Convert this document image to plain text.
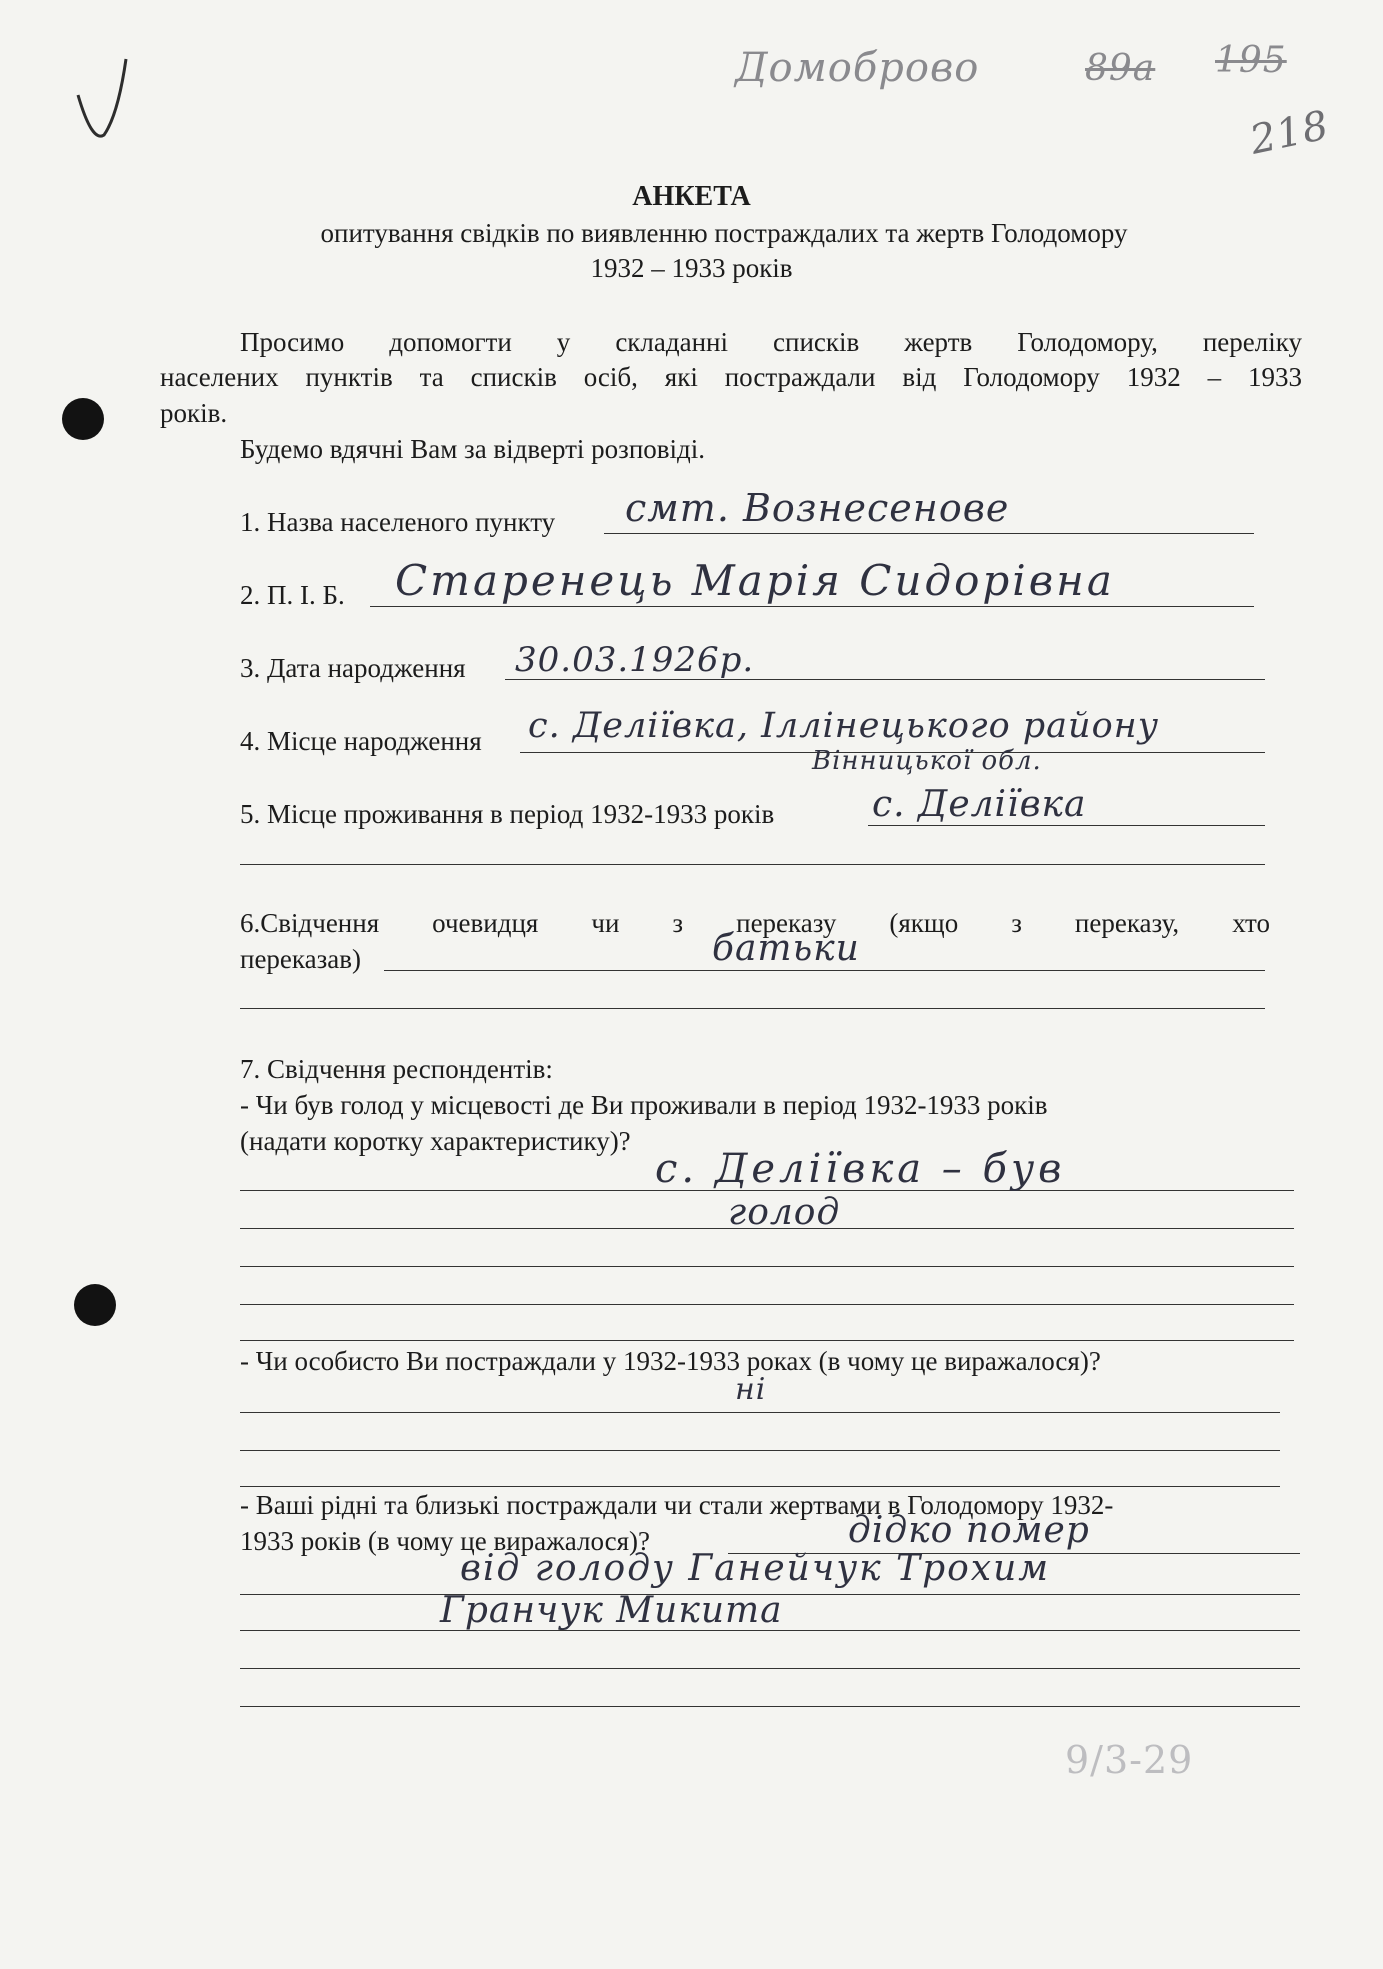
Домоброво	89а 195
218
АНКЕТА
опитування свідків по виявленню постраждалих та жертв Голодомору
1932 – 1933 років
Просимо допомогти у складанні списків жертв Голодомору, переліку
населених пунктів та списків осіб, які постраждали від Голодомору 1932 – 1933
років.
Будемо вдячні Вам за відверті розповіді.
1. Назва населеного пункту смт. Вознесенове
2. П. І. Б. Старенець Марія Сидорівна
3. Дата народження 30.03.1926р.
4. Місце народження с. Деліївка, Іллінецького району
Вінницької обл.
5. Місце проживання в період 1932-1933 років	с. Деліївка
6.Свідчення очевидця чи з переказу (якщо з переказу, хто
переказав)	батьки
7. Свідчення респондентів:
- Чи був голод у місцевості де Ви проживали в період 1932-1933 років
(надати коротку характеристику)?
с. Деліївка – був
голод
- Чи особисто Ви постраждали у 1932-1933 роках (в чому це виражалося)?
ні
- Ваші рідні та близькі постраждали чи стали жертвами в Голодомору 1932-
1933 років (в чому це виражалося)?	дідко помер
від голоду Ганейчук Трохим
Гранчук Микита
9/3-29
